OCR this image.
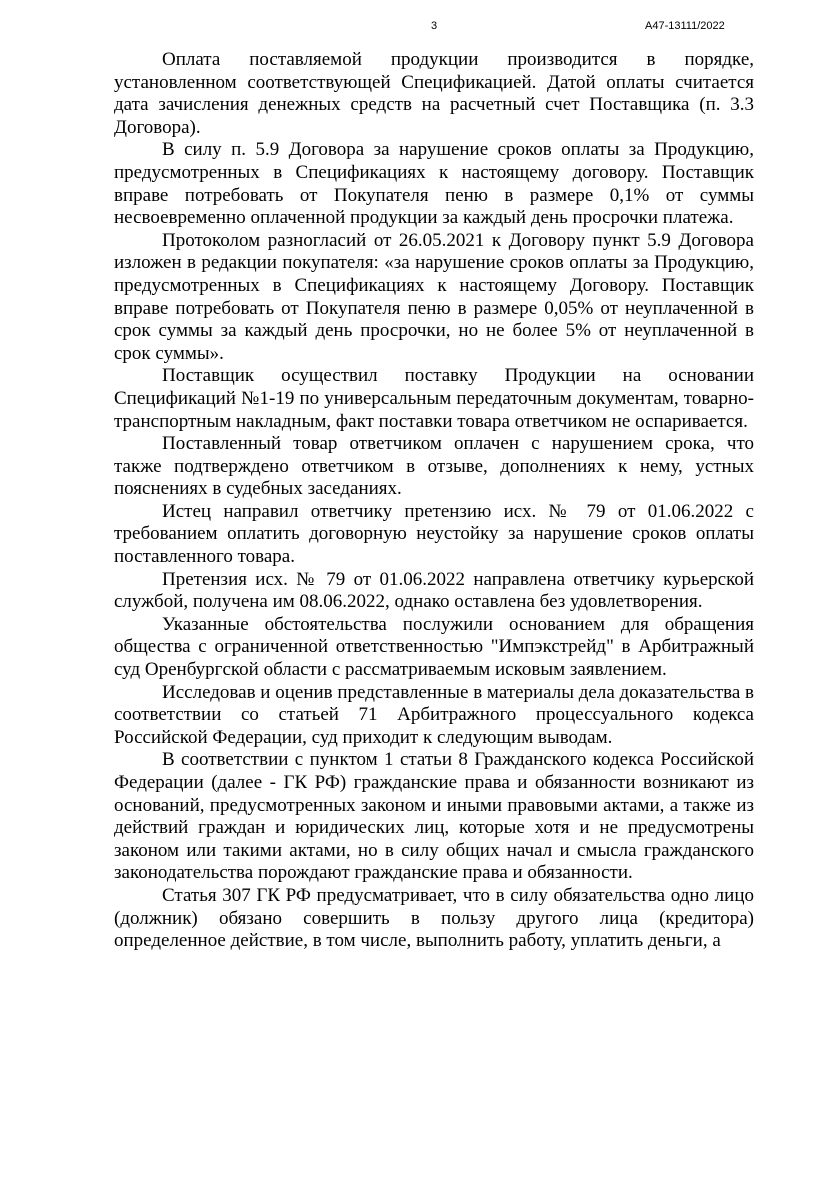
3	А47-13111/2022

Оплата поставляемой продукции производится в порядке, установленном соответствующей Спецификацией. Датой оплаты считается дата зачисления денежных средств на расчетный счет Поставщика (п. 3.3 Договора).

В силу п. 5.9 Договора за нарушение сроков оплаты за Продукцию, предусмотренных в Спецификациях к настоящему договору. Поставщик вправе потребовать от Покупателя пеню в размере 0,1% от суммы несвоевременно оплаченной продукции за каждый день просрочки платежа.

Протоколом разногласий от 26.05.2021 к Договору пункт 5.9 Договора изложен в редакции покупателя: «за нарушение сроков оплаты за Продукцию, предусмотренных в Спецификациях к настоящему Договору. Поставщик вправе потребовать от Покупателя пеню в размере 0,05% от неуплаченной в срок суммы за каждый день просрочки, но не более 5% от неуплаченной в срок суммы».

Поставщик осуществил поставку Продукции на основании Спецификаций №1-19 по универсальным передаточным документам, товарно-транспортным накладным, факт поставки товара ответчиком не оспаривается.

Поставленный товар ответчиком оплачен с нарушением срока, что также подтверждено ответчиком в отзыве, дополнениях к нему, устных пояснениях в судебных заседаниях.

Истец направил ответчику претензию исх. № 79 от 01.06.2022 с требованием оплатить договорную неустойку за нарушение сроков оплаты поставленного товара.

Претензия исх. № 79 от 01.06.2022 направлена ответчику курьерской службой, получена им 08.06.2022, однако оставлена без удовлетворения.

Указанные обстоятельства послужили основанием для обращения общества с ограниченной ответственностью "Импэкстрейд" в Арбитражный суд Оренбургской области с рассматриваемым исковым заявлением.

Исследовав и оценив представленные в материалы дела доказательства в соответствии со статьей 71 Арбитражного процессуального кодекса Российской Федерации, суд приходит к следующим выводам.

В соответствии с пунктом 1 статьи 8 Гражданского кодекса Российской Федерации (далее - ГК РФ) гражданские права и обязанности возникают из оснований, предусмотренных законом и иными правовыми актами, а также из действий граждан и юридических лиц, которые хотя и не предусмотрены законом или такими актами, но в силу общих начал и смысла гражданского законодательства порождают гражданские права и обязанности.

Статья 307 ГК РФ предусматривает, что в силу обязательства одно лицо (должник) обязано совершить в пользу другого лица (кредитора) определенное действие, в том числе, выполнить работу, уплатить деньги, а
